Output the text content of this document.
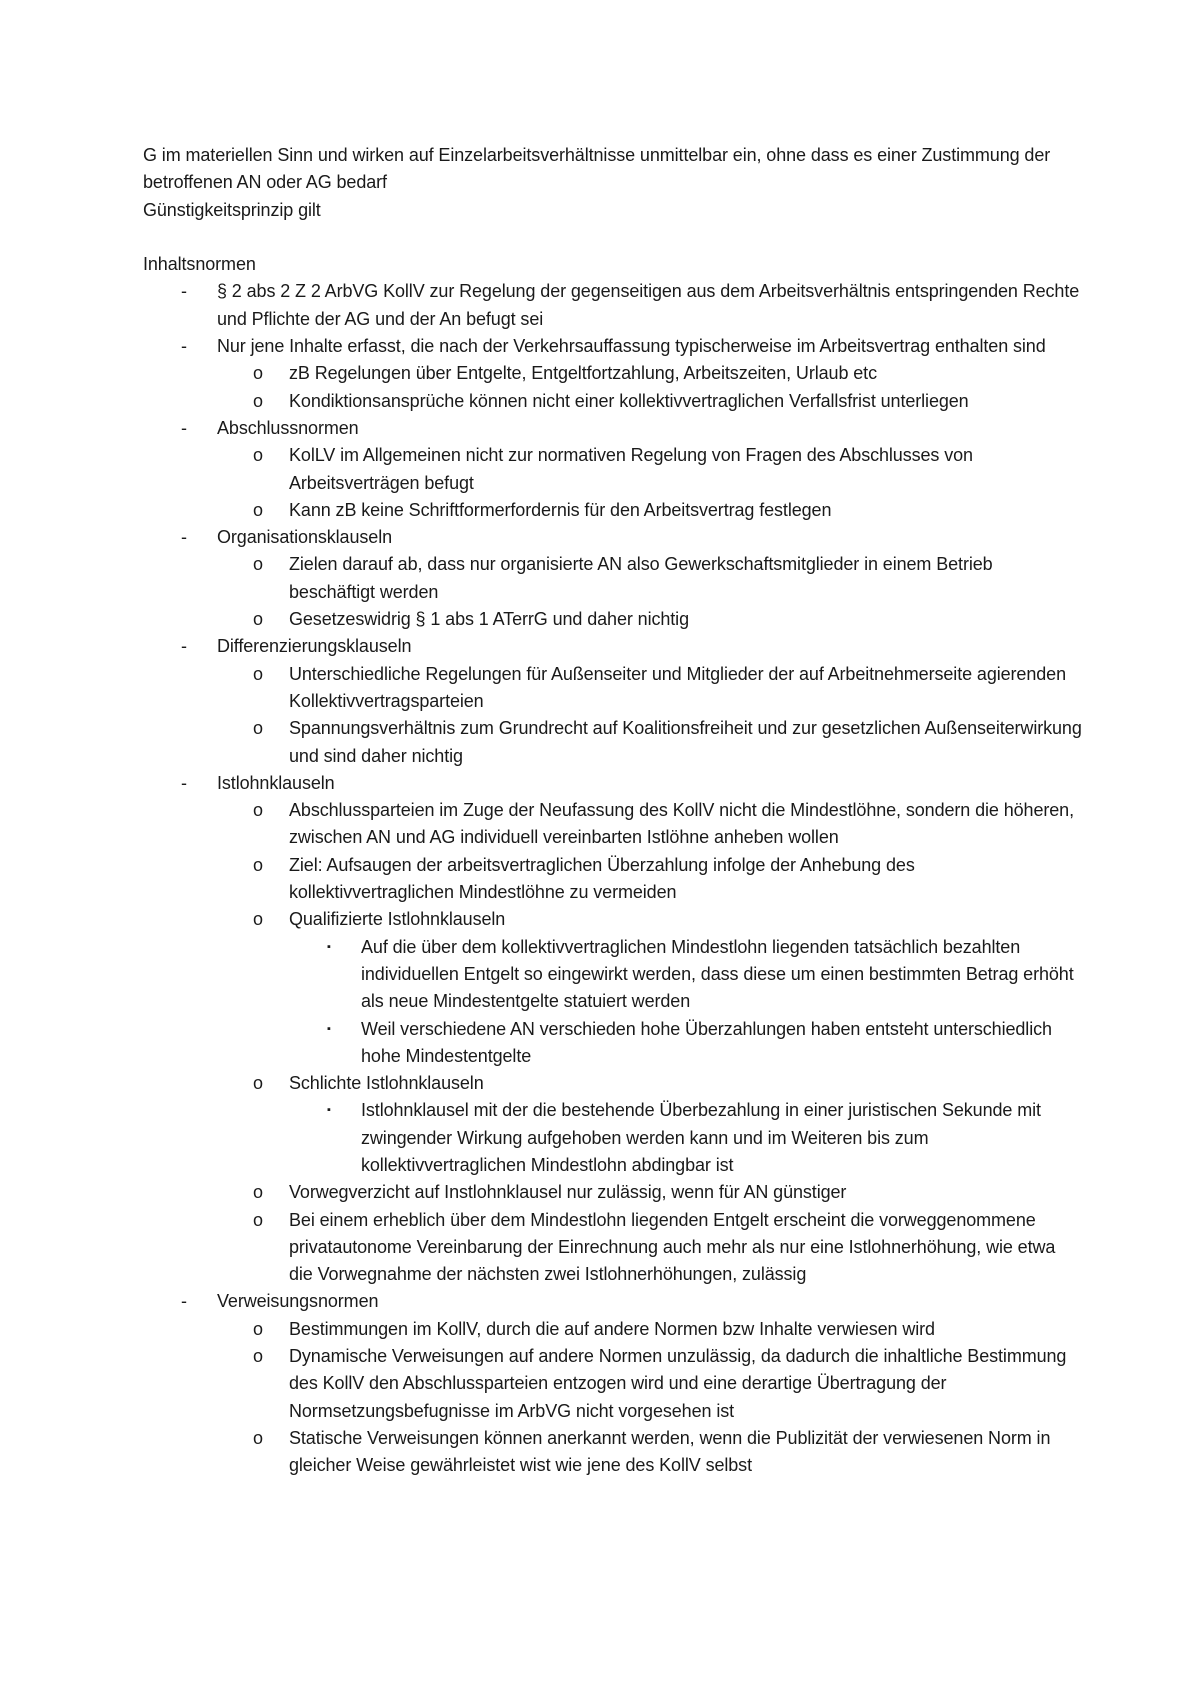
G im materiellen Sinn und wirken auf Einzelarbeitsverhältnisse unmittelbar ein, ohne dass es einer Zustimmung der betroffenen AN oder AG bedarf

Günstigkeitsprinzip gilt

Inhaltsnormen

- § 2 abs 2 Z 2 ArbVG KollV zur Regelung der gegenseitigen aus dem Arbeitsverhältnis entspringenden Rechte und Pflichte der AG und der An befugt sei
- Nur jene Inhalte erfasst, die nach der Verkehrsauffassung typischerweise im Arbeitsvertrag enthalten sind
o zB Regelungen über Entgelte, Entgeltfortzahlung, Arbeitszeiten, Urlaub etc
o Kondiktionsansprüche können nicht einer kollektivvertraglichen Verfallsfrist unterliegen
- Abschlussnormen
o KolLV im Allgemeinen nicht zur normativen Regelung von Fragen des Abschlusses von Arbeitsverträgen befugt
o Kann zB keine Schriftformerfordernis für den Arbeitsvertrag festlegen
- Organisationsklauseln
o Zielen darauf ab, dass nur organisierte AN also Gewerkschaftsmitglieder in einem Betrieb beschäftigt werden
o Gesetzeswidrig § 1 abs 1 ATerrG und daher nichtig
- Differenzierungsklauseln
o Unterschiedliche Regelungen für Außenseiter und Mitglieder der auf Arbeitnehmerseite agierenden Kollektivvertragsparteien
o Spannungsverhältnis zum Grundrecht auf Koalitionsfreiheit und zur gesetzlichen Außenseiterwirkung und sind daher nichtig
- Istlohnklauseln
o Abschlussparteien im Zuge der Neufassung des KollV nicht die Mindestlöhne, sondern die höheren, zwischen AN und AG individuell vereinbarten Istlöhne anheben wollen
o Ziel: Aufsaugen der arbeitsvertraglichen Überzahlung infolge der Anhebung des kollektivvertraglichen Mindestlöhne zu vermeiden
o Qualifizierte Istlohnklauseln
▪ Auf die über dem kollektivvertraglichen Mindestlohn liegenden tatsächlich bezahlten individuellen Entgelt so eingewirkt werden, dass diese um einen bestimmten Betrag erhöht als neue Mindestentgelte statuiert werden
▪ Weil verschiedene AN verschieden hohe Überzahlungen haben entsteht unterschiedlich hohe Mindestentgelte
o Schlichte Istlohnklauseln
▪ Istlohnklausel mit der die bestehende Überbezahlung in einer juristischen Sekunde mit zwingender Wirkung aufgehoben werden kann und im Weiteren bis zum kollektivvertraglichen Mindestlohn abdingbar ist
o Vorwegverzicht auf Instlohnklausel nur zulässig, wenn für AN günstiger
o Bei einem erheblich über dem Mindestlohn liegenden Entgelt erscheint die vorweggenommene privatautonome Vereinbarung der Einrechnung auch mehr als nur eine Istlohnerhöhung, wie etwa die Vorwegnahme der nächsten zwei Istlohnerhöhungen, zulässig
- Verweisungsnormen
o Bestimmungen im KollV, durch die auf andere Normen bzw Inhalte verwiesen wird
o Dynamische Verweisungen auf andere Normen unzulässig, da dadurch die inhaltliche Bestimmung des KollV den Abschlussparteien entzogen wird und eine derartige Übertragung der Normsetzungsbefugnisse im ArbVG nicht vorgesehen ist
o Statische Verweisungen können anerkannt werden, wenn die Publizität der verwiesenen Norm in gleicher Weise gewährleistet wist wie jene des KollV selbst
